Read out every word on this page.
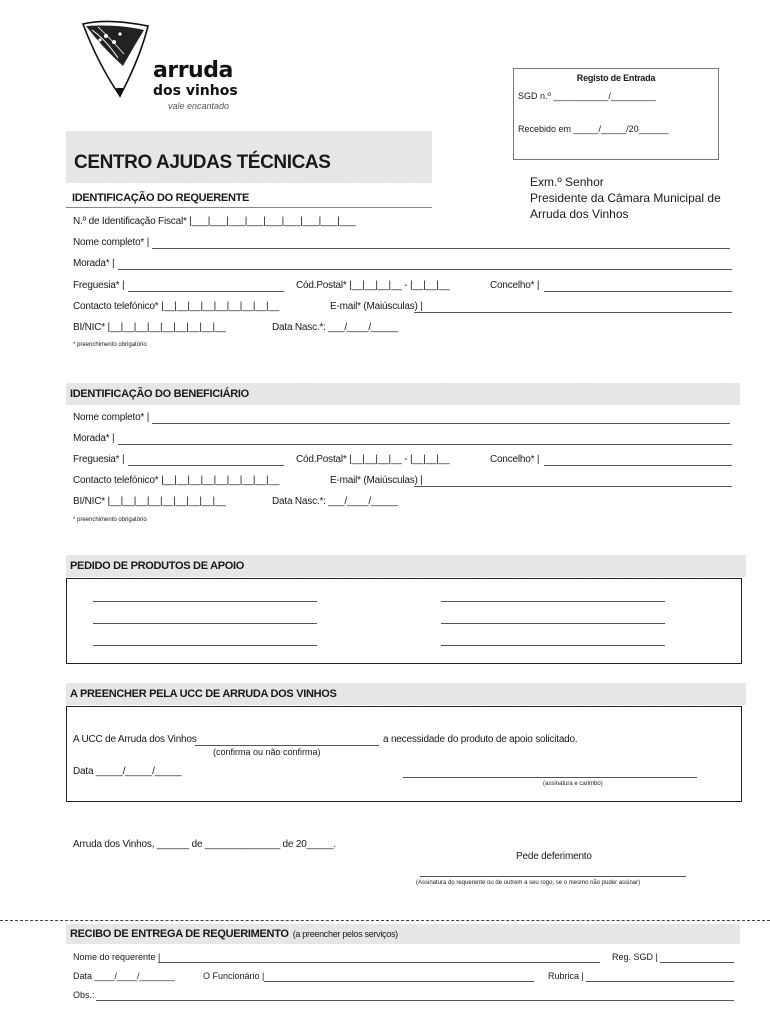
arruda
dos vinhos
vale encantado
Registo de Entrada
SGD n.º ___________/_________
Recebido em _____/_____/20______
CENTRO AJUDAS TÉCNICAS
Exm.º Senhor
Presidente da Câmara Municipal de
Arruda dos Vinhos
IDENTIFICAÇÃO DO REQUERENTE
N.º de Identificação Fiscal* |___|___|___|___|___|___|___|___|___
Nome completo* |
Morada* |
Freguesia* |	Cód.Postal* |__|__|__|__ - |__|__|__	Concelho* |
Contacto telefónico* |__|__|__|__|__|__|__|__|__	E-mail* (Maiúsculas) |
BI/NIC* |__|__|__|__|__|__|__|__|__	Data Nasc.*: ___/____/_____
* preenchimento obrigatório
IDENTIFICAÇÃO DO BENEFICIÁRIO
Nome completo* |
Morada* |
Freguesia* |	Cód.Postal* |__|__|__|__ - |__|__|__	Concelho* |
Contacto telefónico* |__|__|__|__|__|__|__|__|__	E-mail* (Maiúsculas) |
BI/NIC* |__|__|__|__|__|__|__|__|__	Data Nasc.*: ___/____/_____
* preenchimento obrigatório
PEDIDO DE PRODUTOS DE APOIO
A PREENCHER PELA UCC DE ARRUDA DOS VINHOS
A UCC de Arruda dos Vinhos	a necessidade do produto de apoio solicitado.
(confirma ou não confirma)
Data _____/_____/_____
(assinatura e carimbo)
Arruda dos Vinhos, ______ de ______________ de 20_____.
Pede deferimento
(Assinatura do requerente ou de outrem a seu rogo, se o mesmo não puder assinar)
RECIBO DE ENTREGA DE REQUERIMENTO (a preencher pelos serviços)
Nome do requerente |	Reg. SGD |
Data ____/____/_______	O Funcionário |	Rubrica |
Obs.:
